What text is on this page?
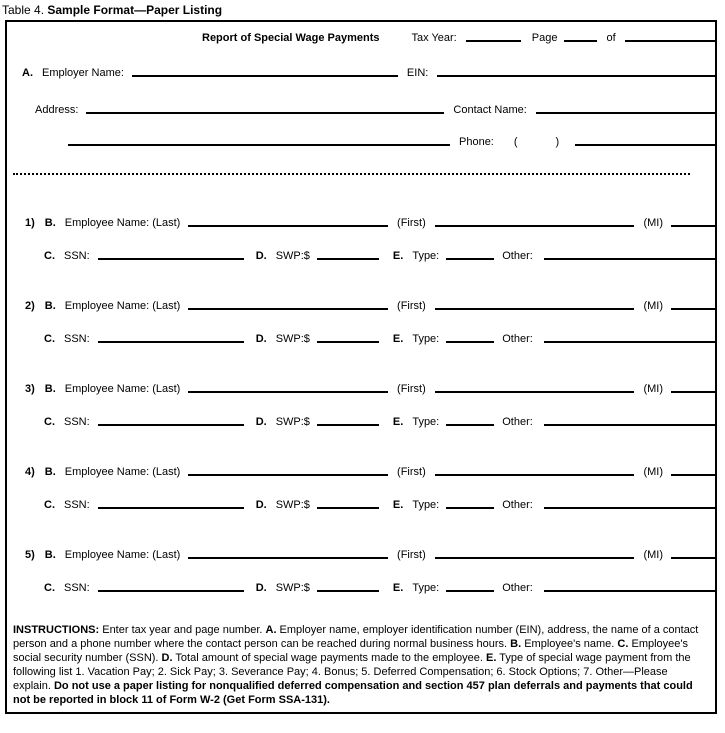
Table 4. Sample Format—Paper Listing
Report of Special Wage Payments	Tax Year:	Page	of
A. Employer Name:	EIN:
Address:	Contact Name:
Phone: (	)
1) B. Employee Name: (Last)	(First)	(MI)
C. SSN:	D. SWP:$	E. Type:	Other:
2) B. Employee Name: (Last)	(First)	(MI)
C. SSN:	D. SWP:$	E. Type:	Other:
3) B. Employee Name: (Last)	(First)	(MI)
C. SSN:	D. SWP:$	E. Type:	Other:
4) B. Employee Name: (Last)	(First)	(MI)
C. SSN:	D. SWP:$	E. Type:	Other:
5) B. Employee Name: (Last)	(First)	(MI)
C. SSN:	D. SWP:$	E. Type:	Other:
INSTRUCTIONS: Enter tax year and page number. A. Employer name, employer identification number (EIN), address, the name of a contact person and a phone number where the contact person can be reached during normal business hours. B. Employee's name. C. Employee's social security number (SSN). D. Total amount of special wage payments made to the employee. E. Type of special wage payment from the following list 1. Vacation Pay; 2. Sick Pay; 3. Severance Pay; 4. Bonus; 5. Deferred Compensation; 6. Stock Options; 7. Other—Please explain. Do not use a paper listing for nonqualified deferred compensation and section 457 plan deferrals and payments that could not be reported in block 11 of Form W-2 (Get Form SSA-131).
